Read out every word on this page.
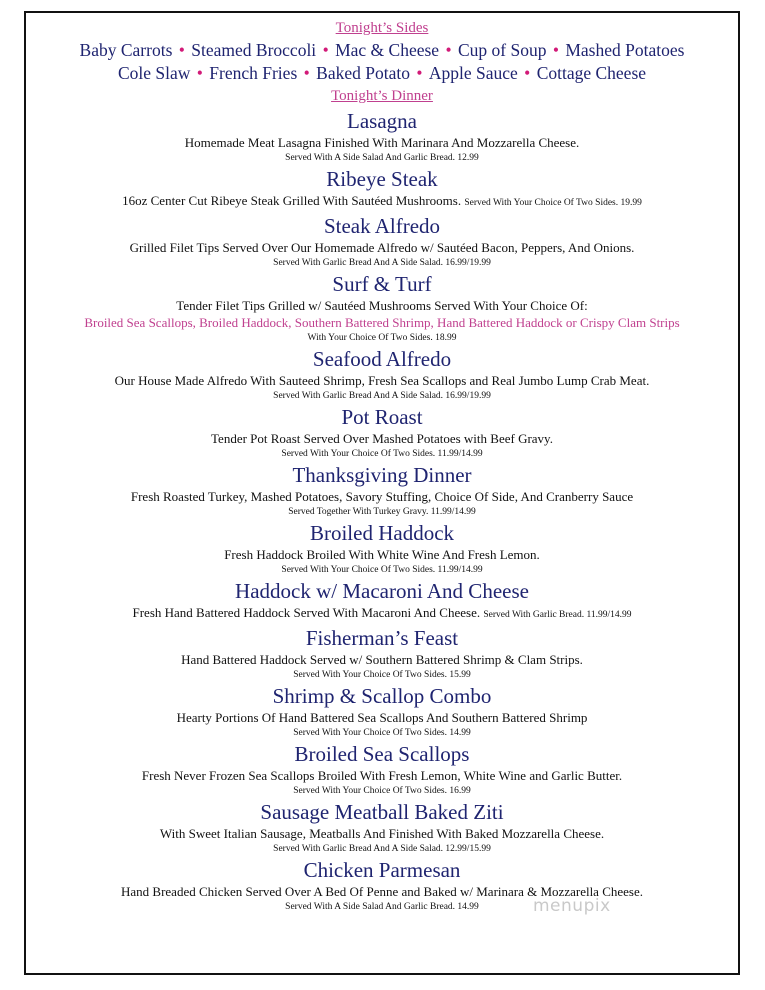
Tonight’s Sides
Baby Carrots • Steamed Broccoli • Mac & Cheese • Cup of Soup • Mashed Potatoes
Cole Slaw • French Fries • Baked Potato • Apple Sauce • Cottage Cheese
Tonight’s Dinner
Lasagna
Homemade Meat Lasagna Finished With Marinara And Mozzarella Cheese.
Served With A Side Salad And Garlic Bread. 12.99
Ribeye Steak
16oz Center Cut Ribeye Steak Grilled With Sautéed Mushrooms. Served With Your Choice Of Two Sides. 19.99
Steak Alfredo
Grilled Filet Tips Served Over Our Homemade Alfredo w/ Sautéed Bacon, Peppers, And Onions.
Served With Garlic Bread And A Side Salad. 16.99/19.99
Surf & Turf
Tender Filet Tips Grilled w/ Sautéed Mushrooms Served With Your Choice Of:
Broiled Sea Scallops, Broiled Haddock, Southern Battered Shrimp, Hand Battered Haddock or Crispy Clam Strips
With Your Choice Of Two Sides. 18.99
Seafood Alfredo
Our House Made Alfredo With Sauteed Shrimp, Fresh Sea Scallops and Real Jumbo Lump Crab Meat.
Served With Garlic Bread And A Side Salad. 16.99/19.99
Pot Roast
Tender Pot Roast Served Over Mashed Potatoes with Beef Gravy.
Served With Your Choice Of Two Sides. 11.99/14.99
Thanksgiving Dinner
Fresh Roasted Turkey, Mashed Potatoes, Savory Stuffing, Choice Of Side, And Cranberry Sauce
Served Together With Turkey Gravy. 11.99/14.99
Broiled Haddock
Fresh Haddock Broiled With White Wine And Fresh Lemon.
Served With Your Choice Of Two Sides. 11.99/14.99
Haddock w/ Macaroni And Cheese
Fresh Hand Battered Haddock Served With Macaroni And Cheese. Served With Garlic Bread. 11.99/14.99
Fisherman’s Feast
Hand Battered Haddock Served w/ Southern Battered Shrimp & Clam Strips.
Served With Your Choice Of Two Sides. 15.99
Shrimp & Scallop Combo
Hearty Portions Of Hand Battered Sea Scallops And Southern Battered Shrimp
Served With Your Choice Of Two Sides. 14.99
Broiled Sea Scallops
Fresh Never Frozen Sea Scallops Broiled With Fresh Lemon, White Wine and Garlic Butter.
Served With Your Choice Of Two Sides. 16.99
Sausage Meatball Baked Ziti
With Sweet Italian Sausage, Meatballs And Finished With Baked Mozzarella Cheese.
Served With Garlic Bread And A Side Salad. 12.99/15.99
Chicken Parmesan
Hand Breaded Chicken Served Over A Bed Of Penne and Baked w/ Marinara & Mozzarella Cheese.
Served With A Side Salad And Garlic Bread. 14.99	menupix
